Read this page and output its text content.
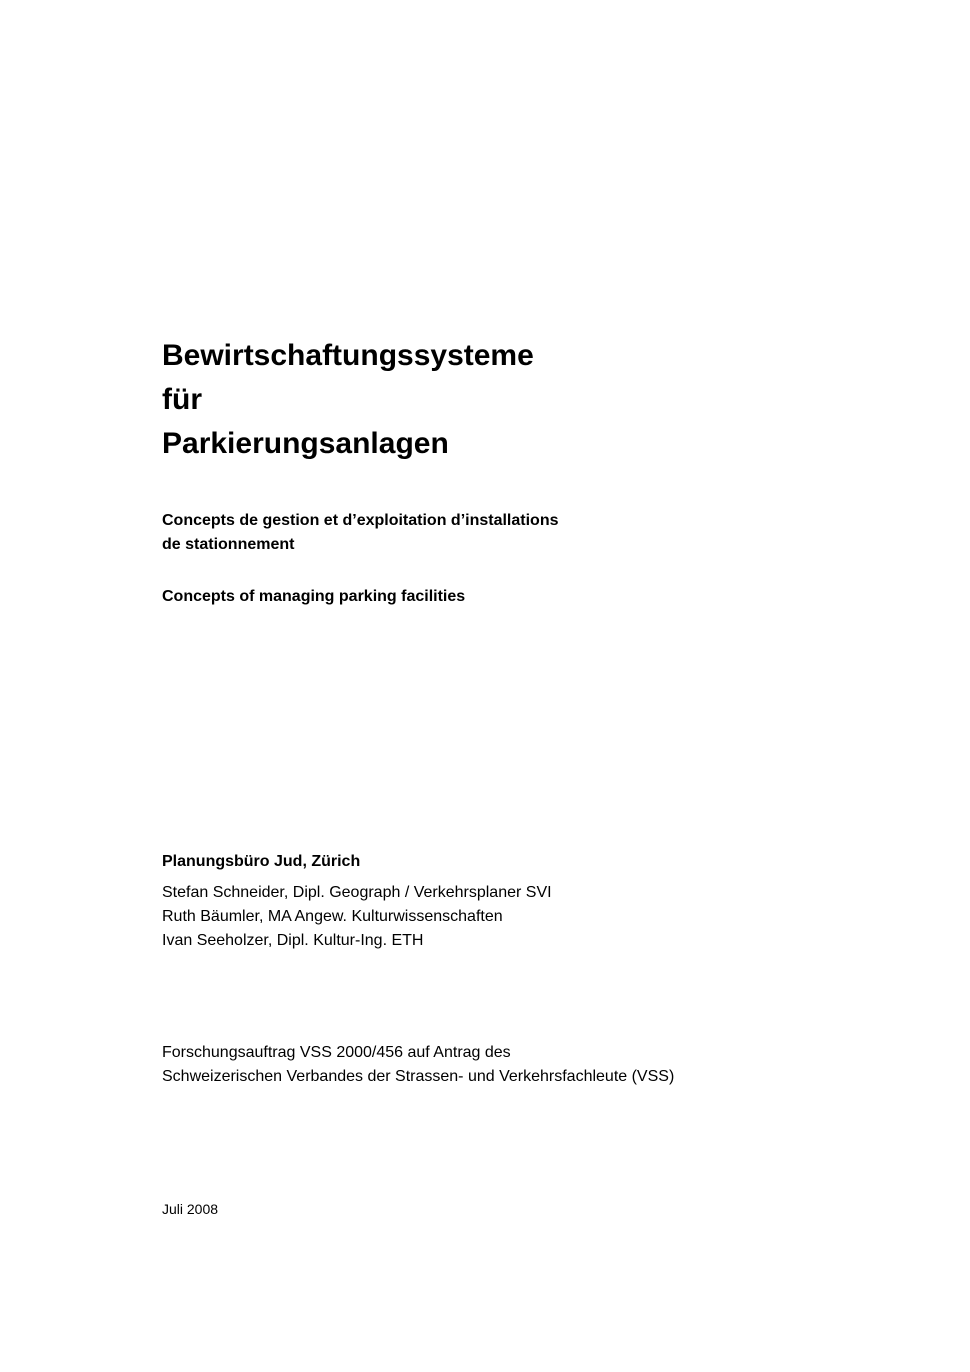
Bewirtschaftungssysteme
für
Parkierungsanlagen
Concepts de gestion et d’exploitation d’installations
de stationnement
Concepts of managing parking facilities
Planungsbüro Jud, Zürich
Stefan Schneider, Dipl. Geograph / Verkehrsplaner SVI
Ruth Bäumler, MA Angew. Kulturwissenschaften
Ivan Seeholzer, Dipl. Kultur-Ing. ETH
Forschungsauftrag VSS 2000/456 auf Antrag des
Schweizerischen Verbandes der Strassen- und Verkehrsfachleute (VSS)
Juli 2008
